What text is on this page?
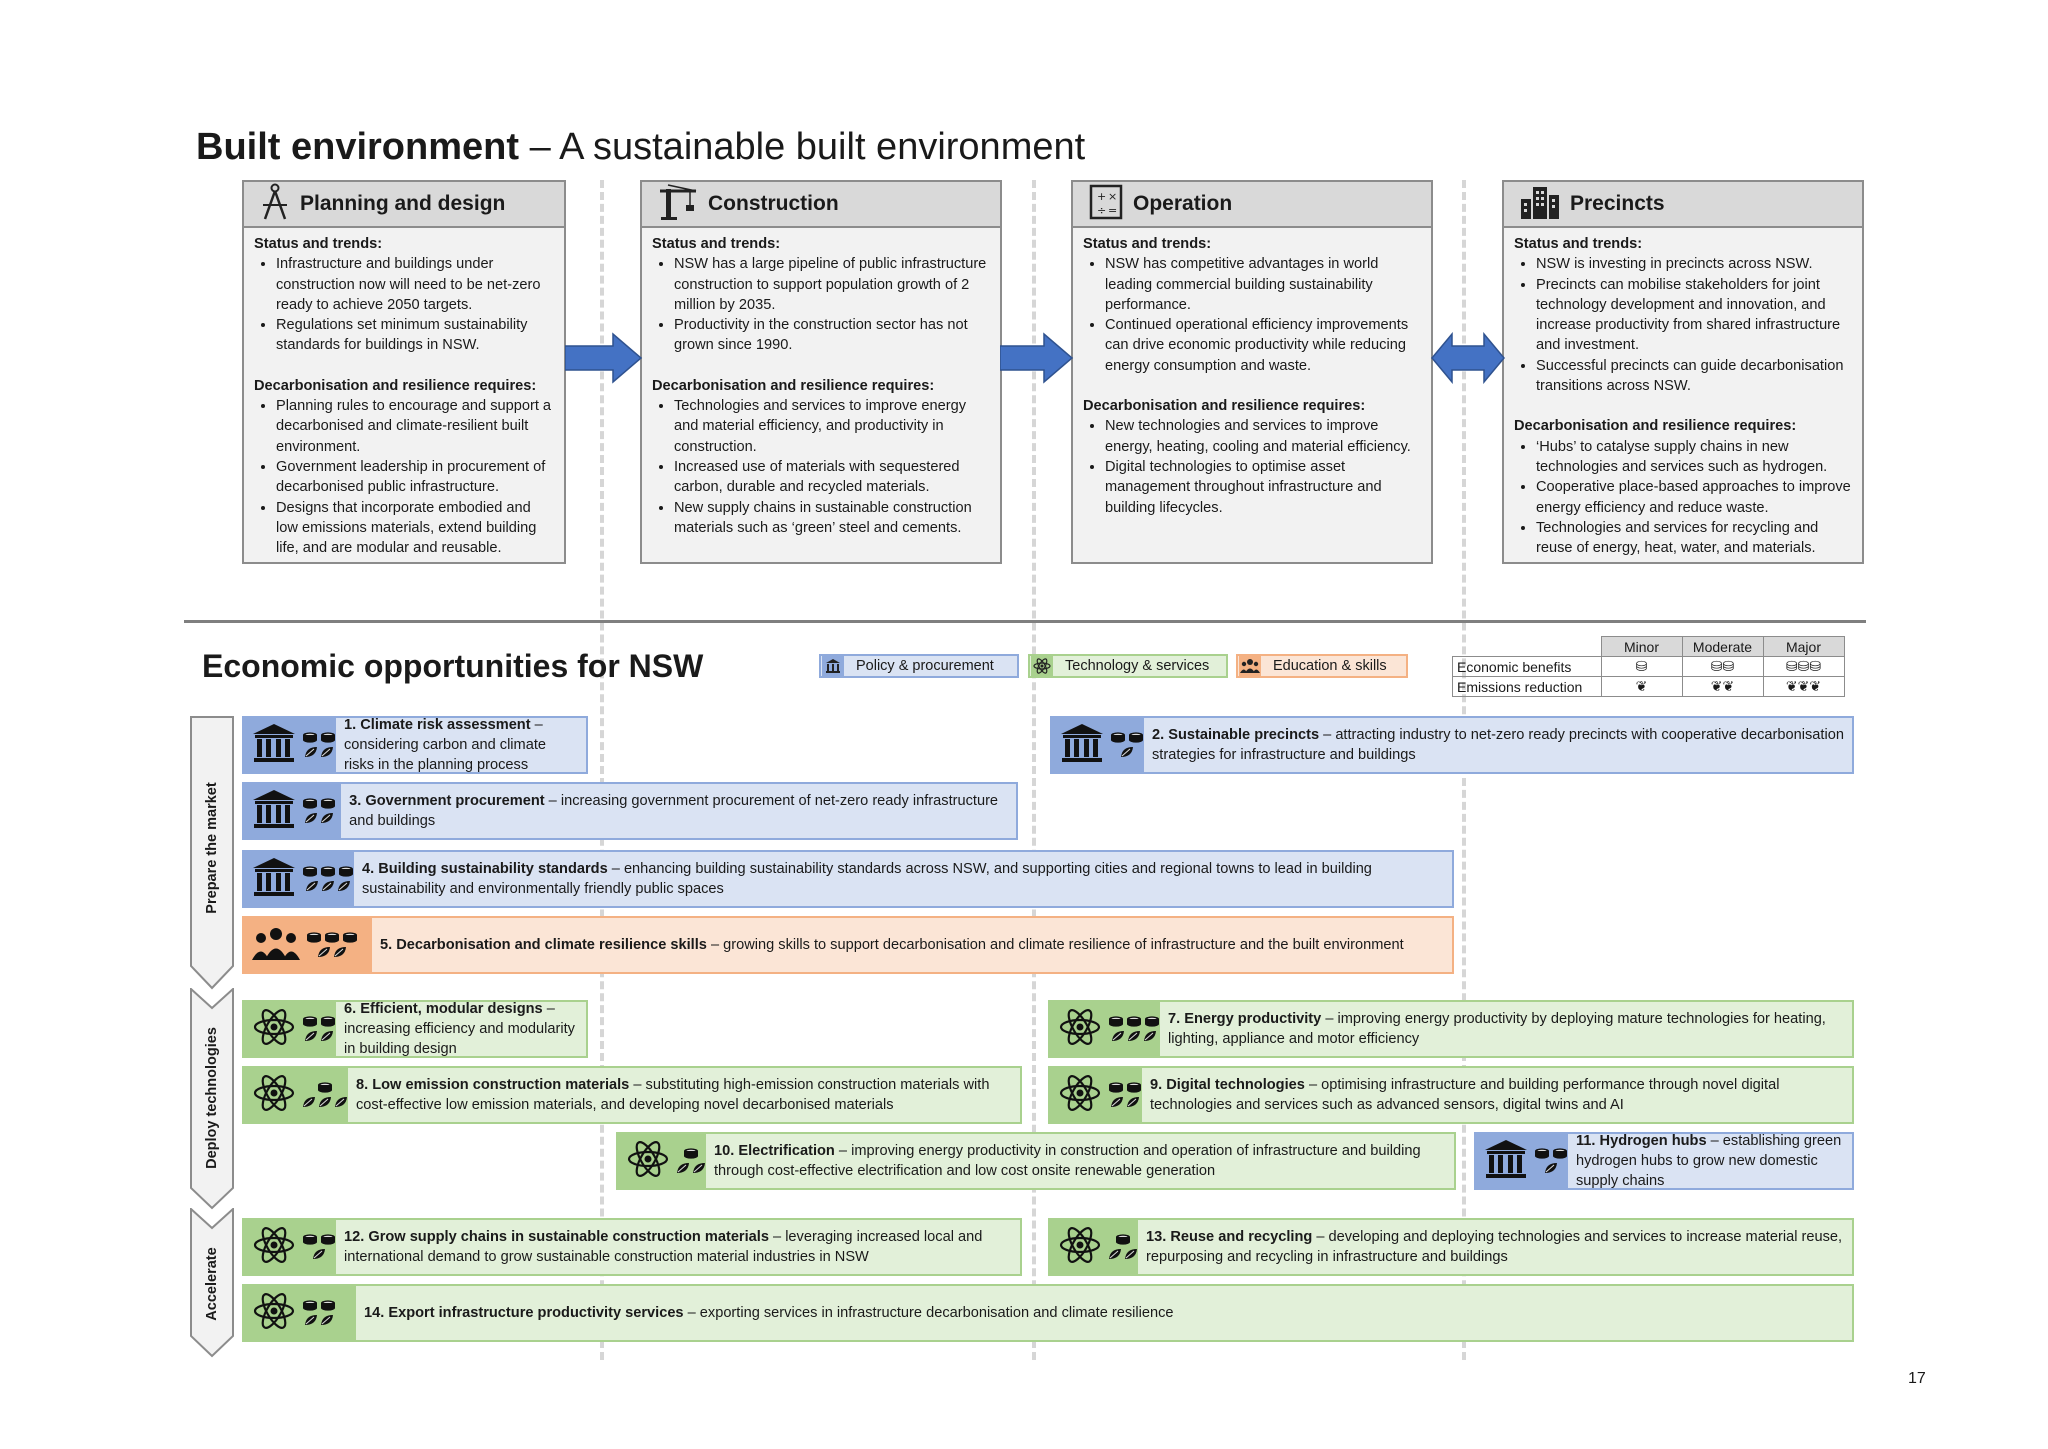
Built environment – A sustainable built environment
Planning and design
Status and trends:
• Infrastructure and buildings under construction now will need to be net-zero ready to achieve 2050 targets.
• Regulations set minimum sustainability standards for buildings in NSW.
Decarbonisation and resilience requires:
• Planning rules to encourage and support a decarbonised and climate-resilient built environment.
• Government leadership in procurement of decarbonised public infrastructure.
• Designs that incorporate embodied and low emissions materials, extend building life, and are modular and reusable.
Construction
Status and trends:
• NSW has a large pipeline of public infrastructure construction to support population growth of 2 million by 2035.
• Productivity in the construction sector has not grown since 1990.
Decarbonisation and resilience requires:
• Technologies and services to improve energy and material efficiency, and productivity in construction.
• Increased use of materials with sequestered carbon, durable and recycled materials.
• New supply chains in sustainable construction materials such as ‘green’ steel and cements.
+ ×
÷ = Operation
Status and trends:
• NSW has competitive advantages in world leading commercial building sustainability performance.
• Continued operational efficiency improvements can drive economic productivity while reducing energy consumption and waste.
Decarbonisation and resilience requires:
• New technologies and services to improve energy, heating, cooling and material efficiency.
• Digital technologies to optimise asset management throughout infrastructure and building lifecycles.
Precincts
Status and trends:
• NSW is investing in precincts across NSW.
• Precincts can mobilise stakeholders for joint technology development and innovation, and increase productivity from shared infrastructure and investment.
• Successful precincts can guide decarbonisation transitions across NSW.
Decarbonisation and resilience requires:
• ‘Hubs’ to catalyse supply chains in new technologies and services such as hydrogen.
• Cooperative place-based approaches to improve energy efficiency and reduce waste.
• Technologies and services for recycling and reuse of energy, heat, water, and materials.
Economic opportunities for NSW	Policy & procurement	Technology & services	Education & skills
	Minor	Moderate	Major
Economic benefits	⛁	⛁⛁	⛁⛁⛁
Emissions reduction	❦	❦❦	❦❦❦
Prepare the market
Deploy technologies
Accelerate
1. Climate risk assessment – considering carbon and climate risks in the planning process
2. Sustainable precincts – attracting industry to net-zero ready precincts with cooperative decarbonisation strategies for infrastructure and buildings
3. Government procurement – increasing government procurement of net-zero ready infrastructure and buildings
4. Building sustainability standards – enhancing building sustainability standards across NSW, and supporting cities and regional towns to lead in building sustainability and environmentally friendly public spaces
5. Decarbonisation and climate resilience skills – growing skills to support decarbonisation and climate resilience of infrastructure and the built environment
6. Efficient, modular designs – increasing efficiency and modularity in building design
7. Energy productivity – improving energy productivity by deploying mature technologies for heating, lighting, appliance and motor efficiency
8. Low emission construction materials – substituting high-emission construction materials with cost-effective low emission materials, and developing novel decarbonised materials
9. Digital technologies – optimising infrastructure and building performance through novel digital technologies and services such as advanced sensors, digital twins and AI
10. Electrification – improving energy productivity in construction and operation of infrastructure and building through cost-effective electrification and low cost onsite renewable generation
11. Hydrogen hubs – establishing green hydrogen hubs to grow new domestic supply chains
12. Grow supply chains in sustainable construction materials – leveraging increased local and international demand to grow sustainable construction material industries in NSW
13. Reuse and recycling – developing and deploying technologies and services to increase material reuse, repurposing and recycling in infrastructure and buildings
14. Export infrastructure productivity services – exporting services in infrastructure decarbonisation and climate resilience
17
